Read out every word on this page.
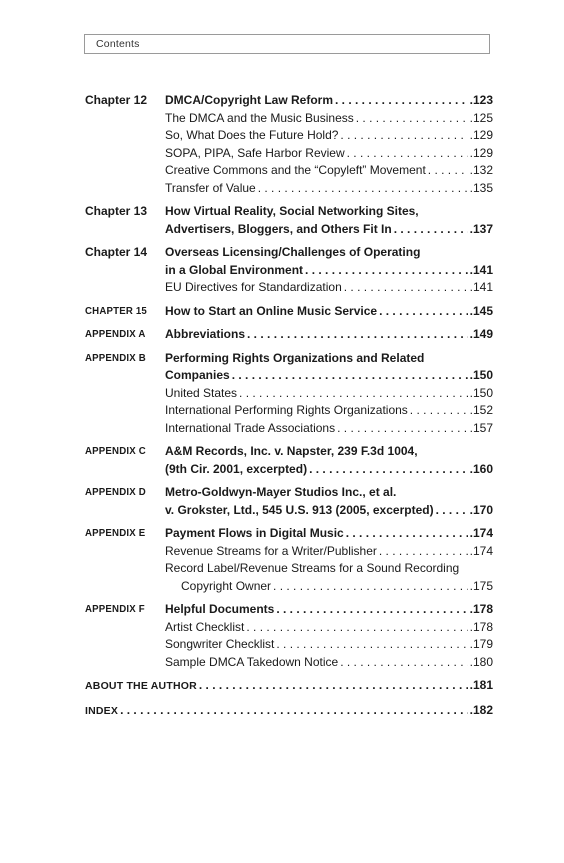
Contents
Chapter 12	DMCA/Copyright Law Reform . . .	.123
The DMCA and the Music Business . . .	.125
So, What Does the Future Hold? . . .	.129
SOPA, PIPA, Safe Harbor Review . . .	.129
Creative Commons and the “Copyleft” Movement . . .	.132
Transfer of Value . . .	.135
Chapter 13	How Virtual Reality, Social Networking Sites,
Advertisers, Bloggers, and Others Fit In . . .	.137
Chapter 14	Overseas Licensing/Challenges of Operating
in a Global Environment . . .	.141
EU Directives for Standardization . . .	.141
CHAPTER 15	How to Start an Online Music Service . . .	.145
APPENDIX A	Abbreviations . . .	.149
APPENDIX B	Performing Rights Organizations and Related
Companies . . .	.150
United States . . .	.150
International Performing Rights Organizations . . .	.152
International Trade Associations . . .	.157
APPENDIX C	A&M Records, Inc. v. Napster, 239 F.3d 1004,
(9th Cir. 2001, excerpted) . . .	.160
APPENDIX D	Metro-Goldwyn-Mayer Studios Inc., et al.
v. Grokster, Ltd., 545 U.S. 913 (2005, excerpted) . . .	.170
APPENDIX E	Payment Flows in Digital Music . . .	.174
Revenue Streams for a Writer/Publisher . . .	.174
Record Label/Revenue Streams for a Sound Recording
Copyright Owner . . .	.175
APPENDIX F	Helpful Documents . . .	.178
Artist Checklist . . .	.178
Songwriter Checklist . . .	.179
Sample DMCA Takedown Notice . . .	.180
ABOUT THE AUTHOR . . .	.181
INDEX . . .	.182
